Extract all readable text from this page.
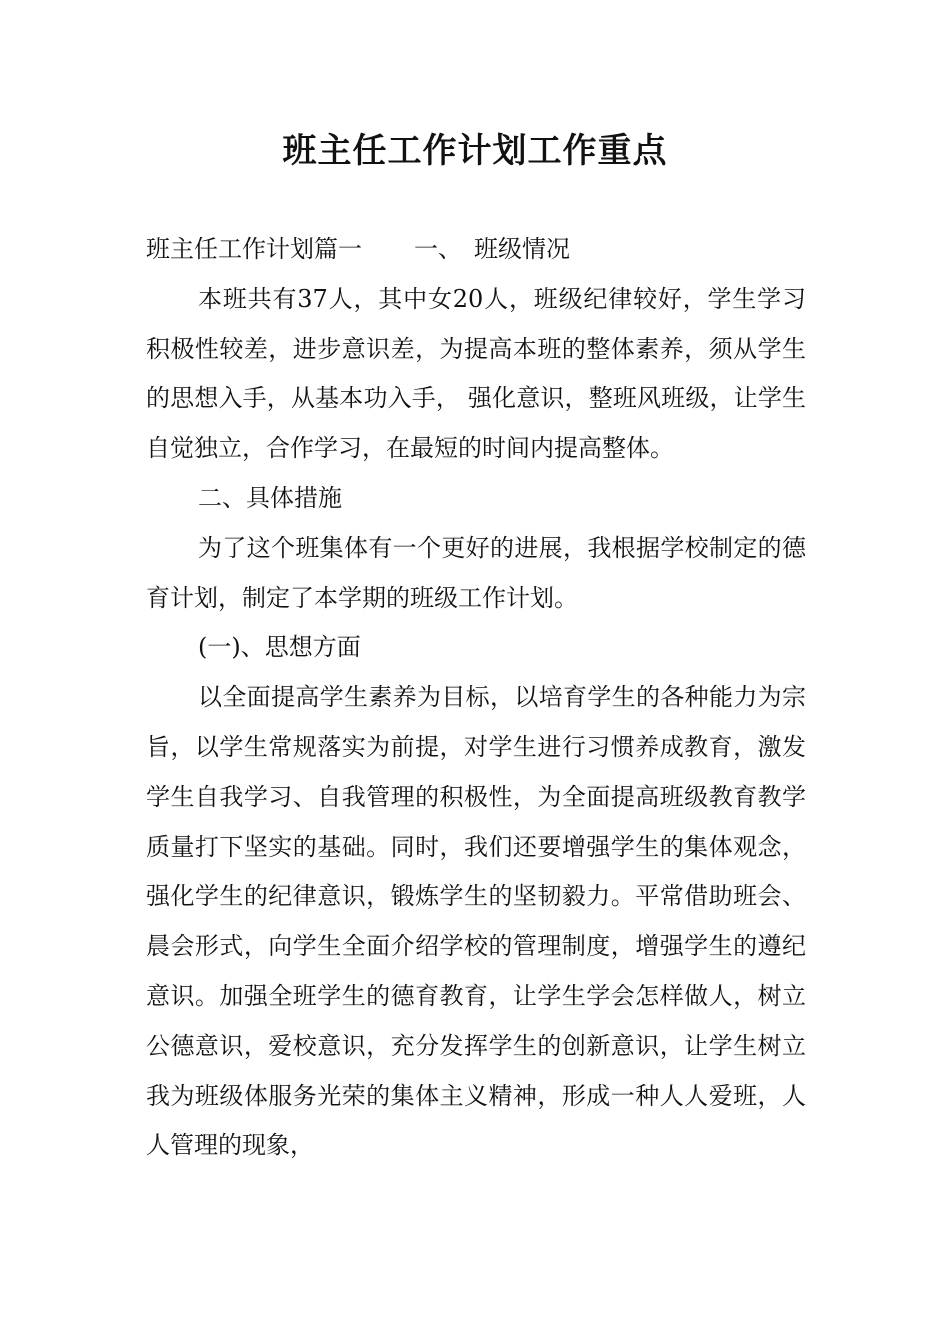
班主任工作计划工作重点

班主任工作计划篇一 一、　班级情况

本班共有37人，其中女20人，班级纪律较好，学生学习积极性较差，进步意识差，为提高本班的整体素养，须从学生的思想入手，从基本功入手， 强化意识，整班风班级，让学生自觉独立，合作学习，在最短的时间内提高整体。

二、具体措施

为了这个班集体有一个更好的进展，我根据学校制定的德育计划，制定了本学期的班级工作计划。

(一)、思想方面

以全面提高学生素养为目标，以培育学生的各种能力为宗旨，以学生常规落实为前提，对学生进行习惯养成教育，激发学生自我学习、自我管理的积极性，为全面提高班级教育教学质量打下坚实的基础。同时，我们还要增强学生的集体观念，强化学生的纪律意识，锻炼学生的坚韧毅力。平常借助班会、晨会形式，向学生全面介绍学校的管理制度，增强学生的遵纪意识。加强全班学生的德育教育，让学生学会怎样做人，树立公德意识，爱校意识，充分发挥学生的创新意识，让学生树立我为班级体服务光荣的集体主义精神，形成一种人人爱班，人人管理的现象，
